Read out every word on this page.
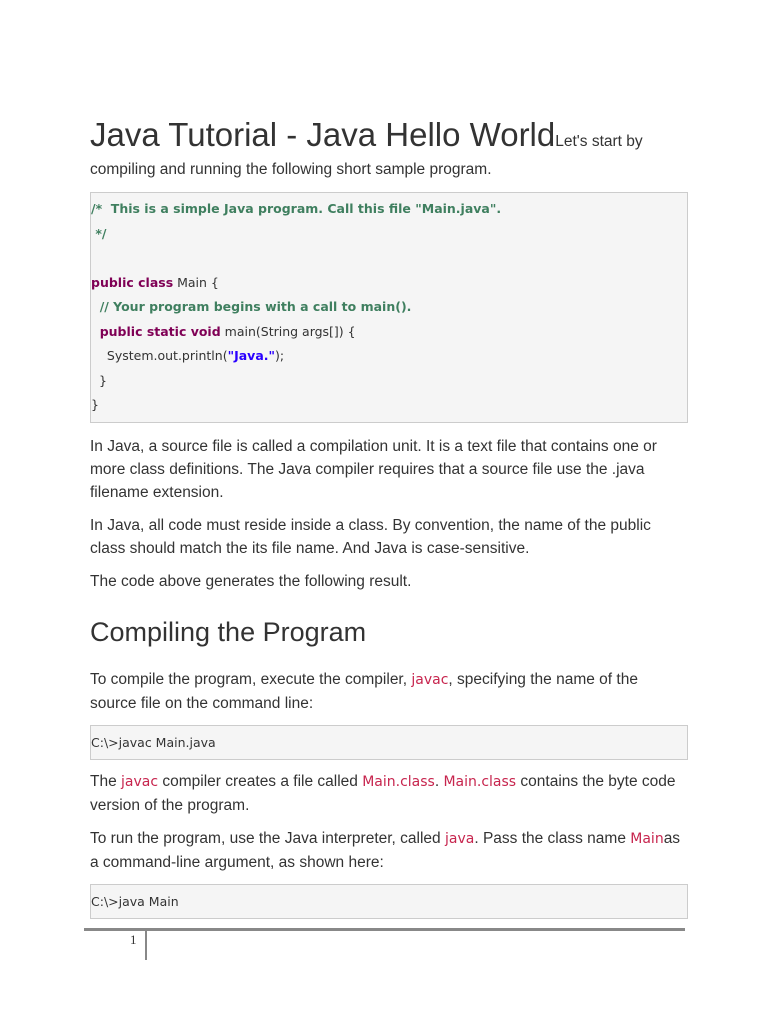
Java Tutorial - Java Hello WorldLet's start by

compiling and running the following short sample program.

/*  This is a simple Java program. Call this file "Main.java".
*/

public class Main {
// Your program begins with a call to main().
public static void main(String args[]) {
System.out.println("Java.");
}
}

In Java, a source file is called a compilation unit. It is a text file that contains one or more class definitions. The Java compiler requires that a source file use the .java filename extension.

In Java, all code must reside inside a class. By convention, the name of the public class should match the its file name. And Java is case-sensitive.

The code above generates the following result.

Compiling the Program

To compile the program, execute the compiler, javac, specifying the name of the source file on the command line:

C:\>javac Main.java

The javac compiler creates a file called Main.class. Main.class contains the byte code version of the program.

To run the program, use the Java interpreter, called java. Pass the class name Mainas a command-line argument, as shown here:

C:\>java Main
1
